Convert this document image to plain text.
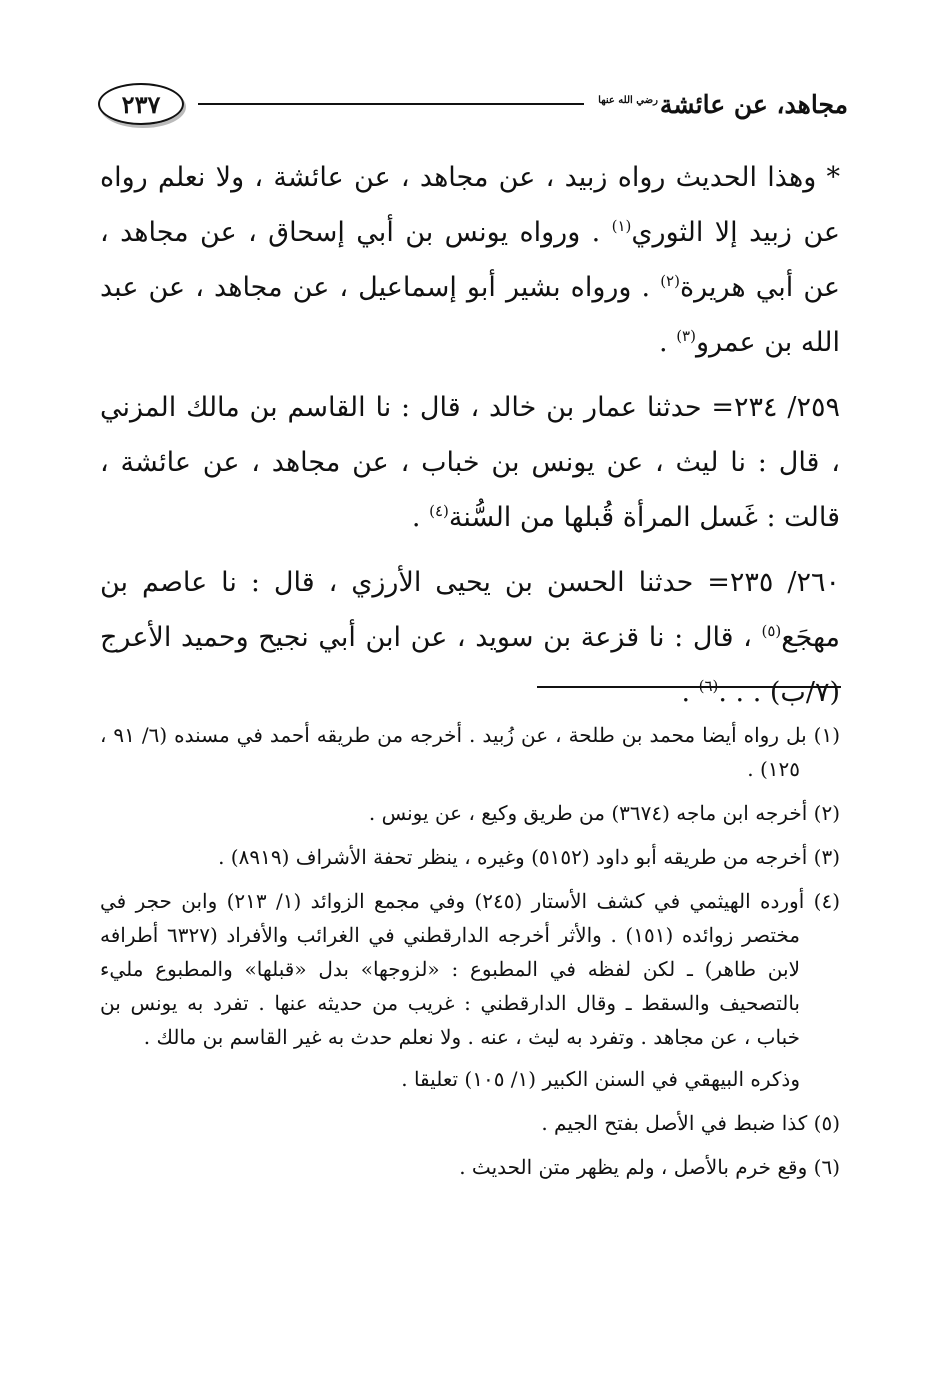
مجاهد، عن عائشة$^{رضي الله عنها}$
٢٣٧

* وهذا الحديث رواه زبيد ، عن مجاهد ، عن عائشة ، ولا نعلم رواه عن زبيد إلا الثوري$^{(١)}$ . ورواه يونس بن أبي إسحاق ، عن مجاهد ، عن أبي هريرة$^{(٢)}$ . ورواه بشير أبو إسماعيل ، عن مجاهد ، عن عبد الله بن عمرو$^{(٣)}$ .

٢٥٩/ ٢٣٤= حدثنا عمار بن خالد ، قال : نا القاسم بن مالك المزني ، قال : نا ليث ، عن يونس بن خباب ، عن مجاهد ، عن عائشة ، قالت : غَسل المرأة قُبلها من السُّنة$^{(٤)}$ .

٢٦٠/ ٢٣٥= حدثنا الحسن بن يحيى الأرزي ، قال : نا عاصم بن مهجَع$^{(٥)}$ ، قال : نا قزعة بن سويد ، عن ابن أبي نجيح وحميد الأعرج (٧/ب) . . .$^{(٦)}$ .

(١) بل رواه أيضا محمد بن طلحة ، عن زُبيد . أخرجه من طريقه أحمد في مسنده (٦/ ٩١ ، ١٢٥) .

(٢) أخرجه ابن ماجه (٣٦٧٤) من طريق وكيع ، عن يونس .

(٣) أخرجه من طريقه أبو داود (٥١٥٢) وغيره ، ينظر تحفة الأشراف (٨٩١٩) .

(٤) أورده الهيثمي في كشف الأستار (٢٤٥) وفي مجمع الزوائد (١/ ٢١٣) وابن حجر في مختصر زوائده (١٥١) . والأثر أخرجه الدارقطني في الغرائب والأفراد (٦٣٢٧ أطرافه لابن طاهر) ـ لكن لفظه في المطبوع : «لزوجها» بدل «قبلها» والمطبوع مليء بالتصحيف والسقط ـ وقال الدارقطني : غريب من حديثه عنها . تفرد به يونس بن خباب ، عن مجاهد . وتفرد به ليث ، عنه . ولا نعلم حدث به غير القاسم بن مالك .

وذكره البيهقي في السنن الكبير (١/ ١٠٥) تعليقا .

(٥) كذا ضبط في الأصل بفتح الجيم .

(٦) وقع خرم بالأصل ، ولم يظهر متن الحديث .
